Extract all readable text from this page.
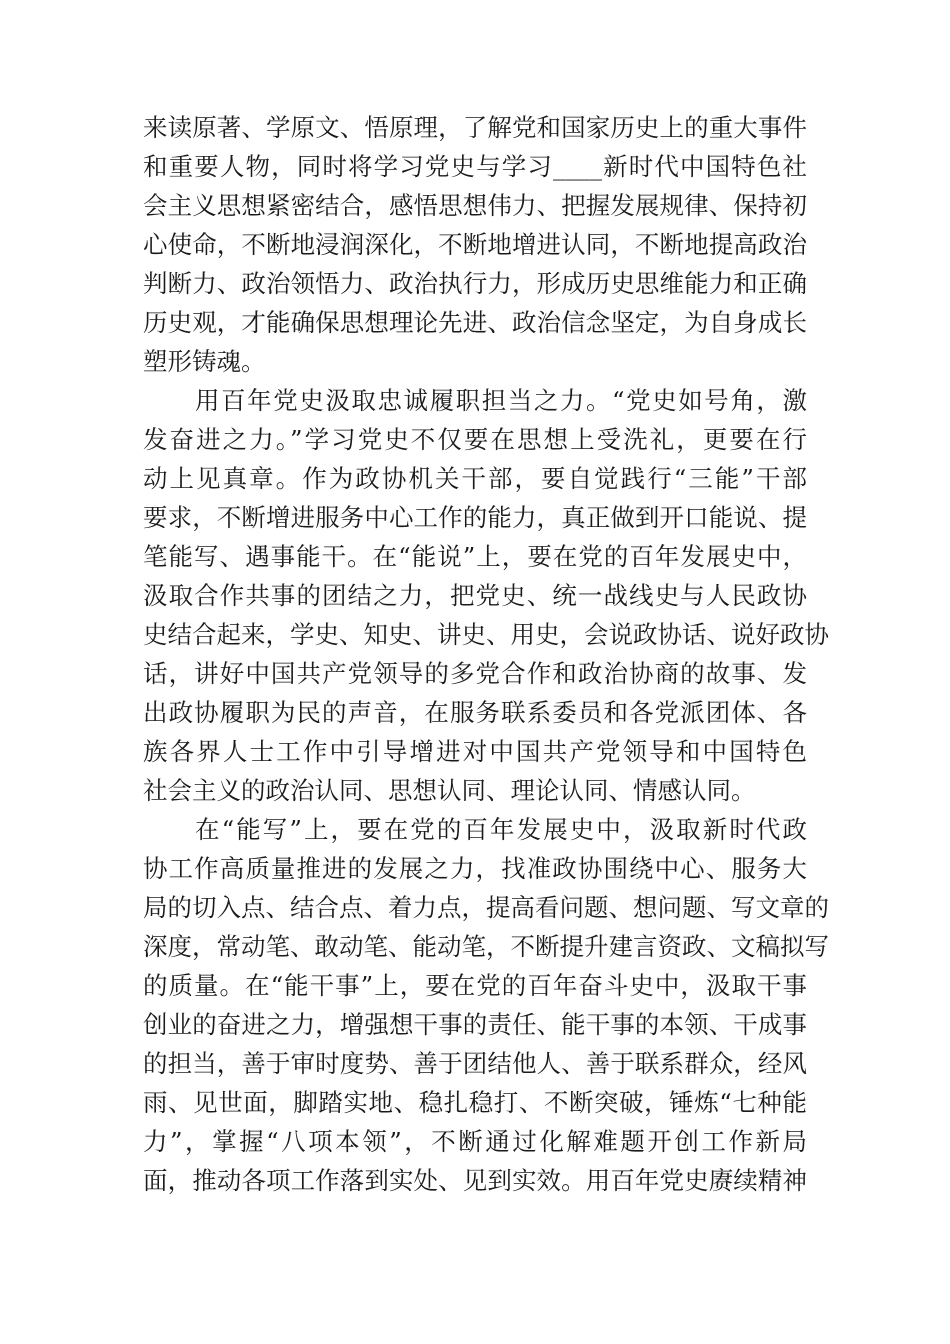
来读原著、学原文、悟原理，了解党和国家历史上的重大事件
和重要人物，同时将学习党史与学习____新时代中国特色社
会主义思想紧密结合，感悟思想伟力、把握发展规律、保持初
心使命，不断地浸润深化，不断地增进认同，不断地提高政治
判断力、政治领悟力、政治执行力，形成历史思维能力和正确
历史观，才能确保思想理论先进、政治信念坚定，为自身成长
塑形铸魂。
用百年党史汲取忠诚履职担当之力。“党史如号角，激
发奋进之力。”学习党史不仅要在思想上受洗礼，更要在行
动上见真章。作为政协机关干部，要自觉践行“三能”干部
要求，不断增进服务中心工作的能力，真正做到开口能说、提
笔能写、遇事能干。在“能说”上，要在党的百年发展史中，
汲取合作共事的团结之力，把党史、统一战线史与人民政协
史结合起来，学史、知史、讲史、用史，会说政协话、说好政协
话，讲好中国共产党领导的多党合作和政治协商的故事、发
出政协履职为民的声音，在服务联系委员和各党派团体、各
族各界人士工作中引导增进对中国共产党领导和中国特色
社会主义的政治认同、思想认同、理论认同、情感认同。
在“能写”上，要在党的百年发展史中，汲取新时代政
协工作高质量推进的发展之力，找准政协围绕中心、服务大
局的切入点、结合点、着力点，提高看问题、想问题、写文章的
深度，常动笔、敢动笔、能动笔，不断提升建言资政、文稿拟写
的质量。在“能干事”上，要在党的百年奋斗史中，汲取干事
创业的奋进之力，增强想干事的责任、能干事的本领、干成事
的担当，善于审时度势、善于团结他人、善于联系群众，经风
雨、见世面，脚踏实地、稳扎稳打、不断突破，锤炼“七种能
力”，掌握“八项本领”，不断通过化解难题开创工作新局
面，推动各项工作落到实处、见到实效。用百年党史赓续精神
